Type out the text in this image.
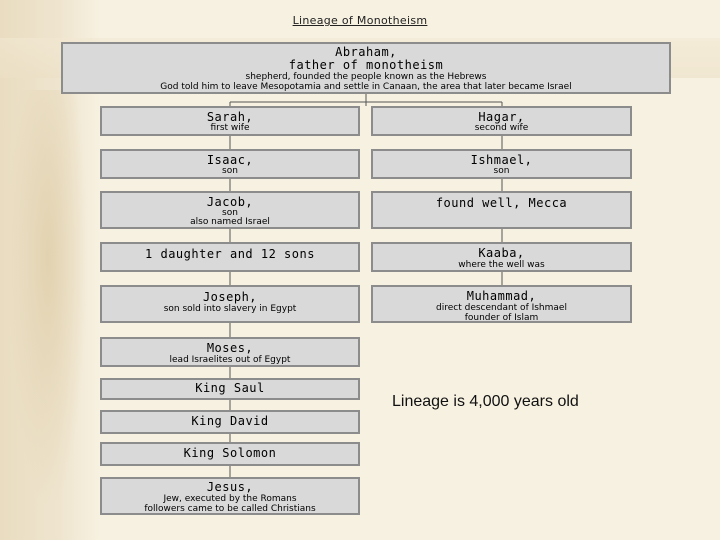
Lineage of Monotheism
Abraham,
father of monotheism
shepherd, founded the people known as the Hebrews
God told him to leave Mesopotamia and settle in Canaan, the area that later became Israel
Sarah,
first wife
Isaac,
son
Jacob,
son
also named Israel
1 daughter and 12 sons
Joseph,
son sold into slavery in Egypt
Moses,
lead Israelites out of Egypt
King Saul
King David
King Solomon
Jesus,
Jew, executed by the Romans
followers came to be called Christians
Hagar,
second wife
Ishmael,
son
found well, Mecca
Kaaba,
where the well was
Muhammad,
direct descendant of Ishmael
founder of Islam
Lineage is 4,000 years old
